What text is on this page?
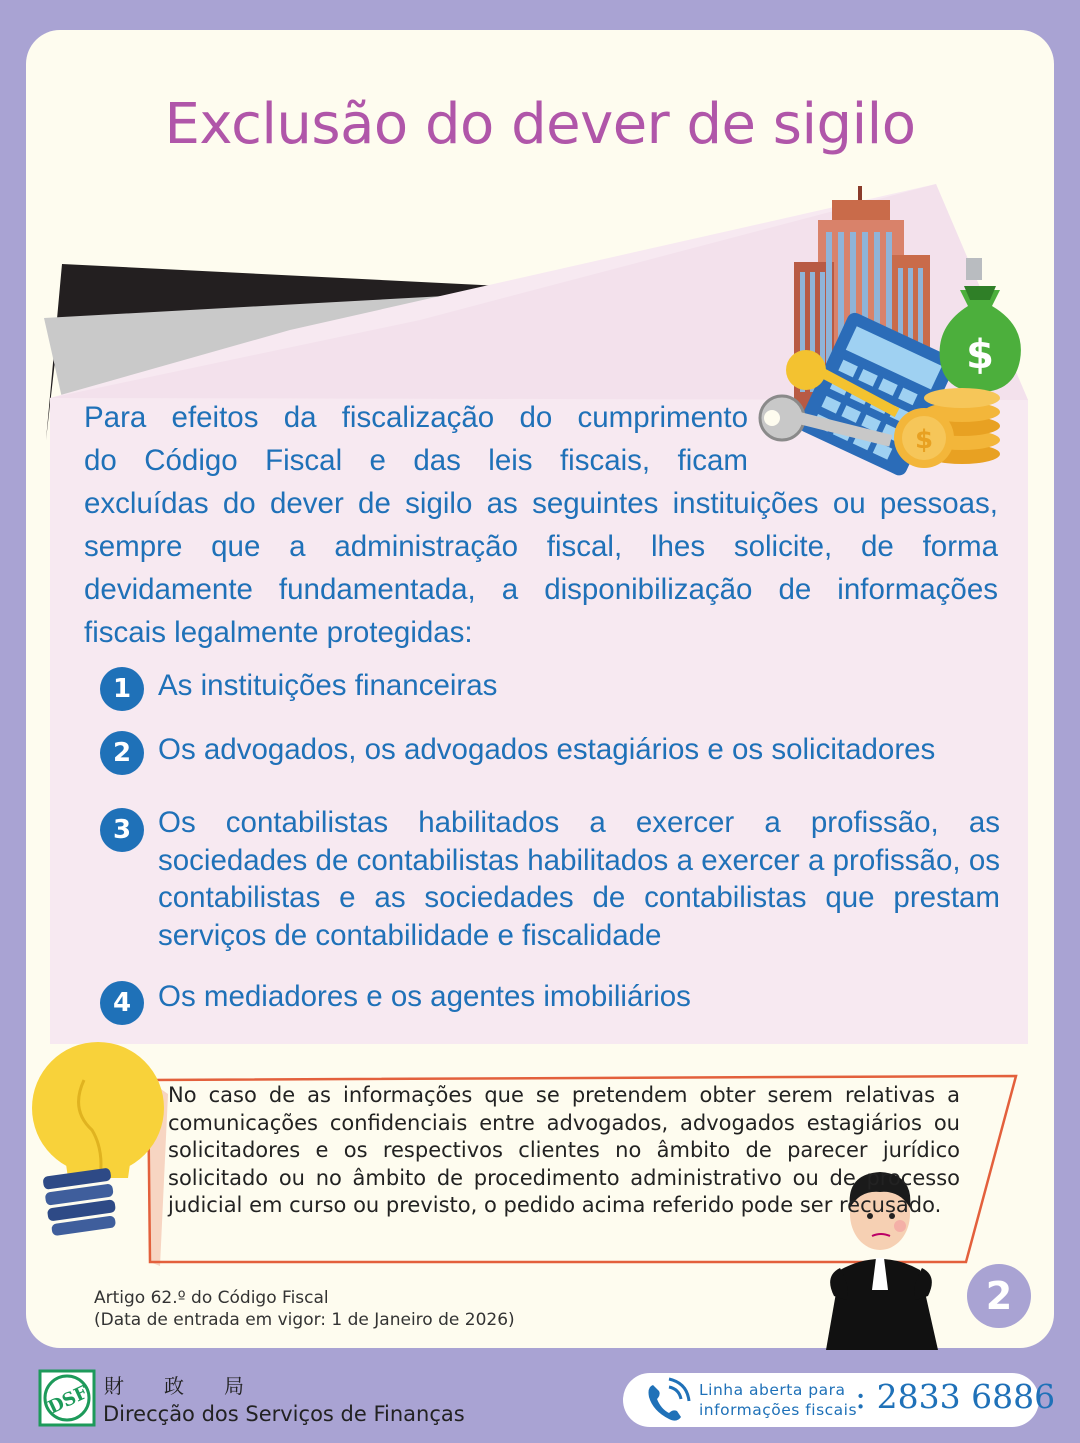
$
$
DSF
Exclusão do dever de sigilo

Para efeitos da fiscalização do cumprimento
do Código Fiscal e das leis fiscais, ficam
excluídas do dever de sigilo as seguintes instituições ou pessoas, sempre que a administração fiscal, lhes solicite, de forma devidamente fundamentada, a disponibilização de informações fiscais legalmente protegidas:

1 As instituições financeiras
2 Os advogados, os advogados estagiários e os solicitadores
3 Os contabilistas habilitados a exercer a profissão, as sociedades de contabilistas habilitados a exercer a profissão, os contabilistas e as sociedades de contabilistas que prestam serviços de contabilidade e fiscalidade
4 Os mediadores e os agentes imobiliários
No caso de as informações que se pretendem obter serem relativas a comunicações confidenciais entre advogados, advogados estagiários ou solicitadores e os respectivos clientes no âmbito de parecer jurídico solicitado ou no âmbito de procedimento administrativo ou de processo judicial em curso ou previsto, o pedido acima referido pode ser recusado.
Artigo 62.º do Código Fiscal
(Data de entrada em vigor: 1 de Janeiro de 2026)
2
財政局
Direcção dos Serviços de Finanças
Linha aberta para
informações fiscais
: 2833 6886
